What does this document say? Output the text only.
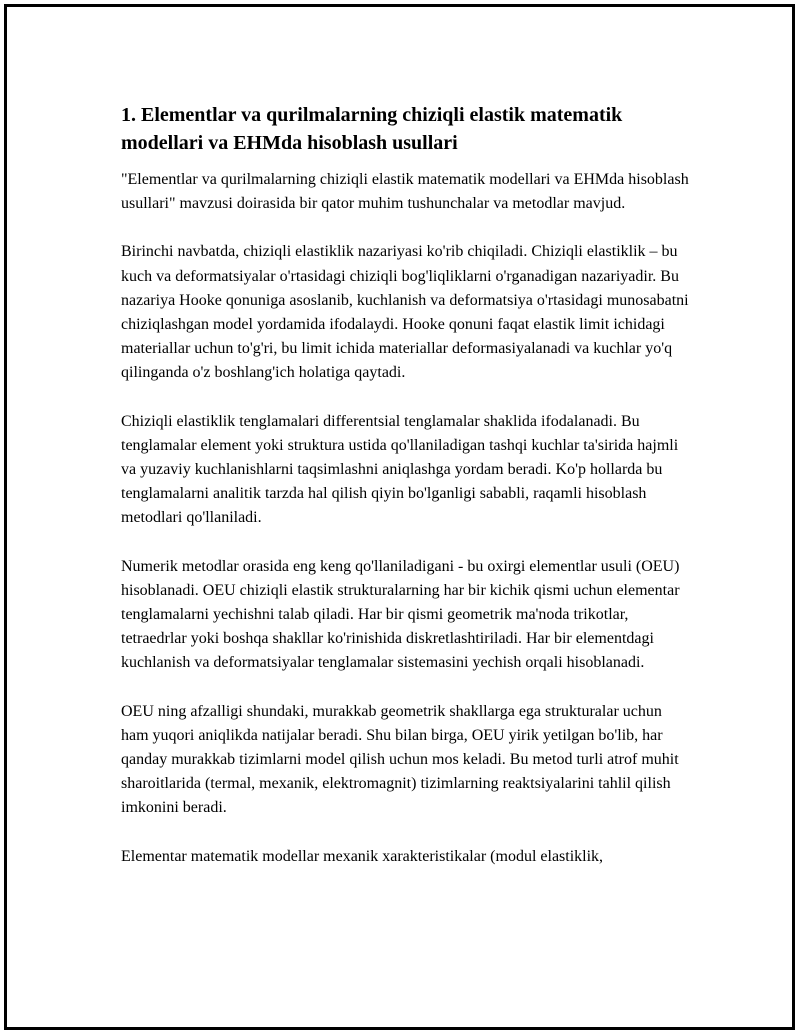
1. Elementlar va qurilmalarning chiziqli elastik matematik modellari va EHMda hisoblash usullari

"Elementlar va qurilmalarning chiziqli elastik matematik modellari va EHMda hisoblash usullari" mavzusi doirasida bir qator muhim tushunchalar va metodlar mavjud.

Birinchi navbatda, chiziqli elastiklik nazariyasi ko'rib chiqiladi. Chiziqli elastiklik – bu kuch va deformatsiyalar o'rtasidagi chiziqli bog'liqliklarni o'rganadigan nazariyadir. Bu nazariya Hooke qonuniga asoslanib, kuchlanish va deformatsiya o'rtasidagi munosabatni chiziqlashgan model yordamida ifodalaydi. Hooke qonuni faqat elastik limit ichidagi materiallar uchun to'g'ri, bu limit ichida materiallar deformasiyalanadi va kuchlar yo'q qilinganda o'z boshlang'ich holatiga qaytadi.

Chiziqli elastiklik tenglamalari differentsial tenglamalar shaklida ifodalanadi. Bu tenglamalar element yoki struktura ustida qo'llaniladigan tashqi kuchlar ta'sirida hajmli va yuzaviy kuchlanishlarni taqsimlashni aniqlashga yordam beradi. Ko'p hollarda bu tenglamalarni analitik tarzda hal qilish qiyin bo'lganligi sababli, raqamli hisoblash metodlari qo'llaniladi.

Numerik metodlar orasida eng keng qo'llaniladigani - bu oxirgi elementlar usuli (OEU) hisoblanadi. OEU chiziqli elastik strukturalarning har bir kichik qismi uchun elementar tenglamalarni yechishni talab qiladi. Har bir qismi geometrik ma'noda trikotlar, tetraedrlar yoki boshqa shakllar ko'rinishida diskretlashtiriladi. Har bir elementdagi kuchlanish va deformatsiyalar tenglamalar sistemasini yechish orqali hisoblanadi.

OEU ning afzalligi shundaki, murakkab geometrik shakllarga ega strukturalar uchun ham yuqori aniqlikda natijalar beradi. Shu bilan birga, OEU yirik yetilgan bo'lib, har qanday murakkab tizimlarni model qilish uchun mos keladi. Bu metod turli atrof muhit sharoitlarida (termal, mexanik, elektromagnit) tizimlarning reaktsiyalarini tahlil qilish imkonini beradi.

Elementar matematik modellar mexanik xarakteristikalar (modul elastiklik,
